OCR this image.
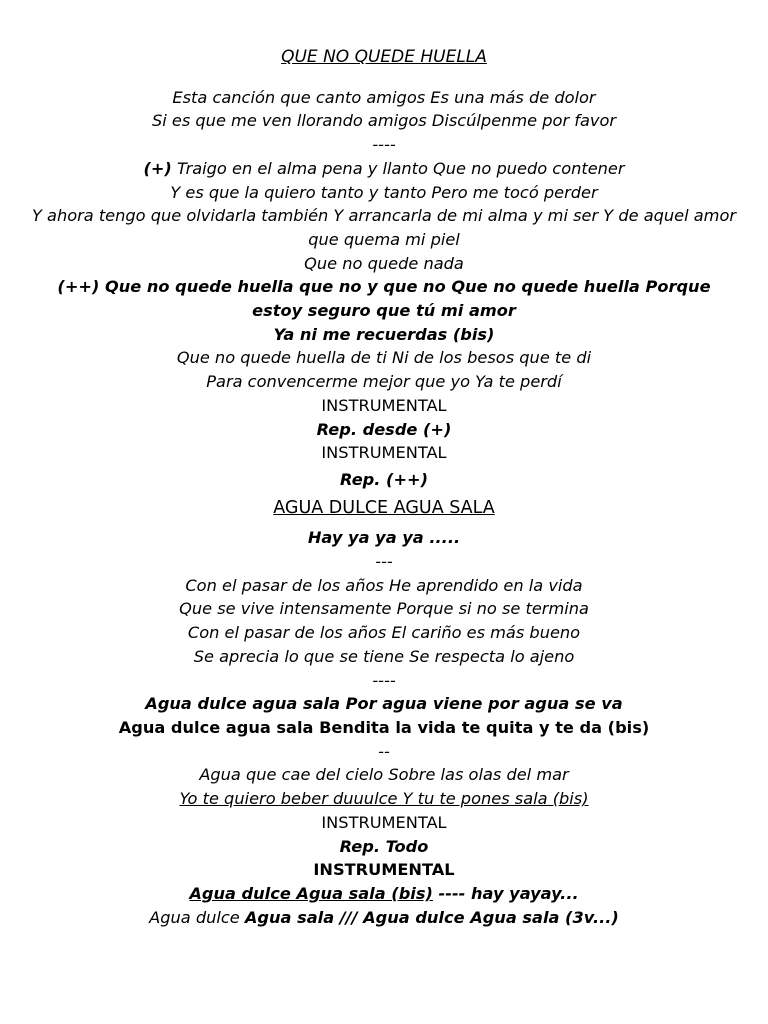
QUE NO QUEDE HUELLA
Esta canción que canto amigos Es una más de dolor
Si es que me ven llorando amigos Discúlpenme por favor
----
(+) Traigo en el alma pena y llanto Que no puedo contener
Y es que la quiero tanto y tanto Pero me tocó perder
Y ahora tengo que olvidarla también Y arrancarla de mi alma y mi ser Y de aquel amor que quema mi piel
Que no quede nada
(++) Que no quede huella que no y que no Que no quede huella Porque estoy seguro que tú mi amor
Ya ni me recuerdas (bis)
Que no quede huella de ti Ni de los besos que te di
Para convencerme mejor que yo Ya te perdí
INSTRUMENTAL
Rep. desde (+)
INSTRUMENTAL
Rep. (++)
AGUA DULCE AGUA SALA
Hay ya ya ya .....
---
Con el pasar de los años He aprendido en la vida
Que se vive intensamente Porque si no se termina
Con el pasar de los años El cariño es más bueno
Se aprecia lo que se tiene Se respecta lo ajeno
----
Agua dulce agua sala Por agua viene por agua se va
Agua dulce agua sala Bendita la vida te quita y te da (bis)
--
Agua que cae del cielo Sobre las olas del mar
Yo te quiero beber duuulce Y tu te pones sala (bis)
INSTRUMENTAL
Rep. Todo
INSTRUMENTAL
Agua dulce Agua sala (bis) ---- hay yayay...
Agua dulce Agua sala /// Agua dulce Agua sala (3v...)
